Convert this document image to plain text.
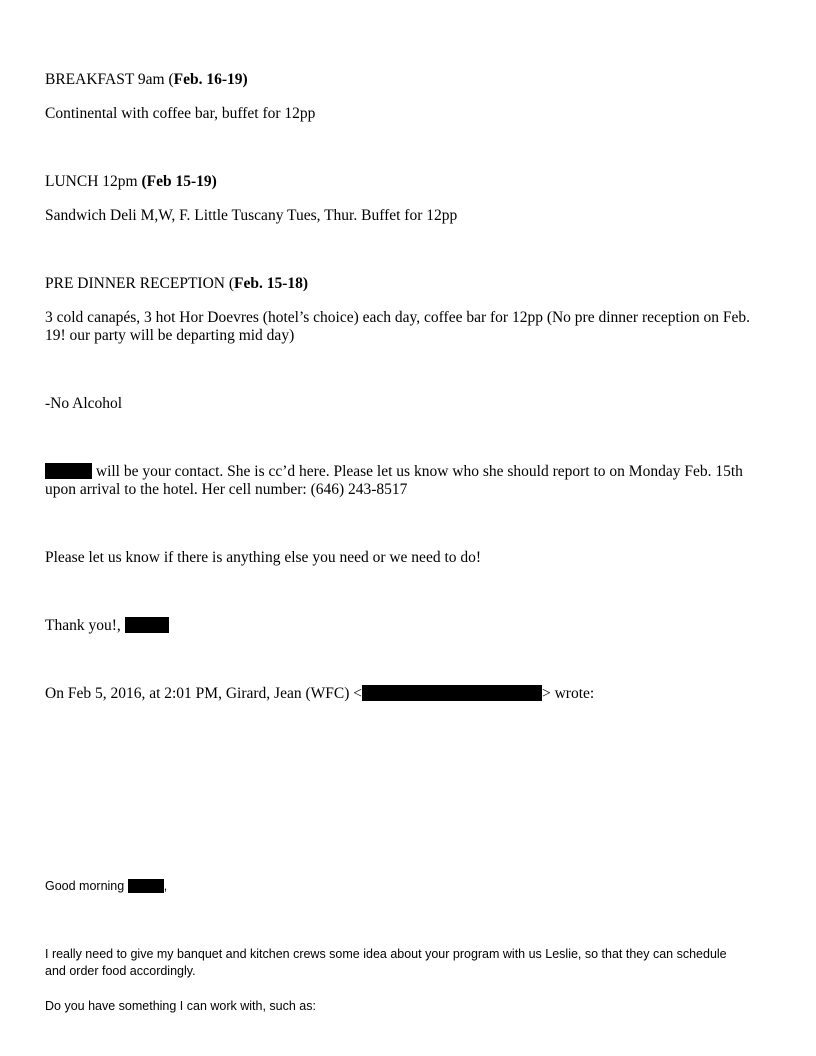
BREAKFAST 9am (Feb. 16-19)
Continental with coffee bar, buffet for 12pp
LUNCH 12pm (Feb 15-19)
Sandwich Deli M,W, F. Little Tuscany Tues, Thur. Buffet for 12pp
PRE DINNER RECEPTION (Feb. 15-18)
3 cold canapés, 3 hot Hor Doevres (hotel’s choice) each day, coffee bar for 12pp (No pre dinner reception on Feb. 19! our party will be departing mid day)
-No Alcohol
will be your contact. She is cc’d here. Please let us know who she should report to on Monday Feb. 15th upon arrival to the hotel. Her cell number: (646) 243-8517
Please let us know if there is anything else you need or we need to do!
Thank you!,
On Feb 5, 2016, at 2:01 PM, Girard, Jean (WFC) <	> wrote:
Good morning	,
I really need to give my banquet and kitchen crews some idea about your program with us Leslie, so that they can schedule and order food accordingly.
Do you have something I can work with, such as:
